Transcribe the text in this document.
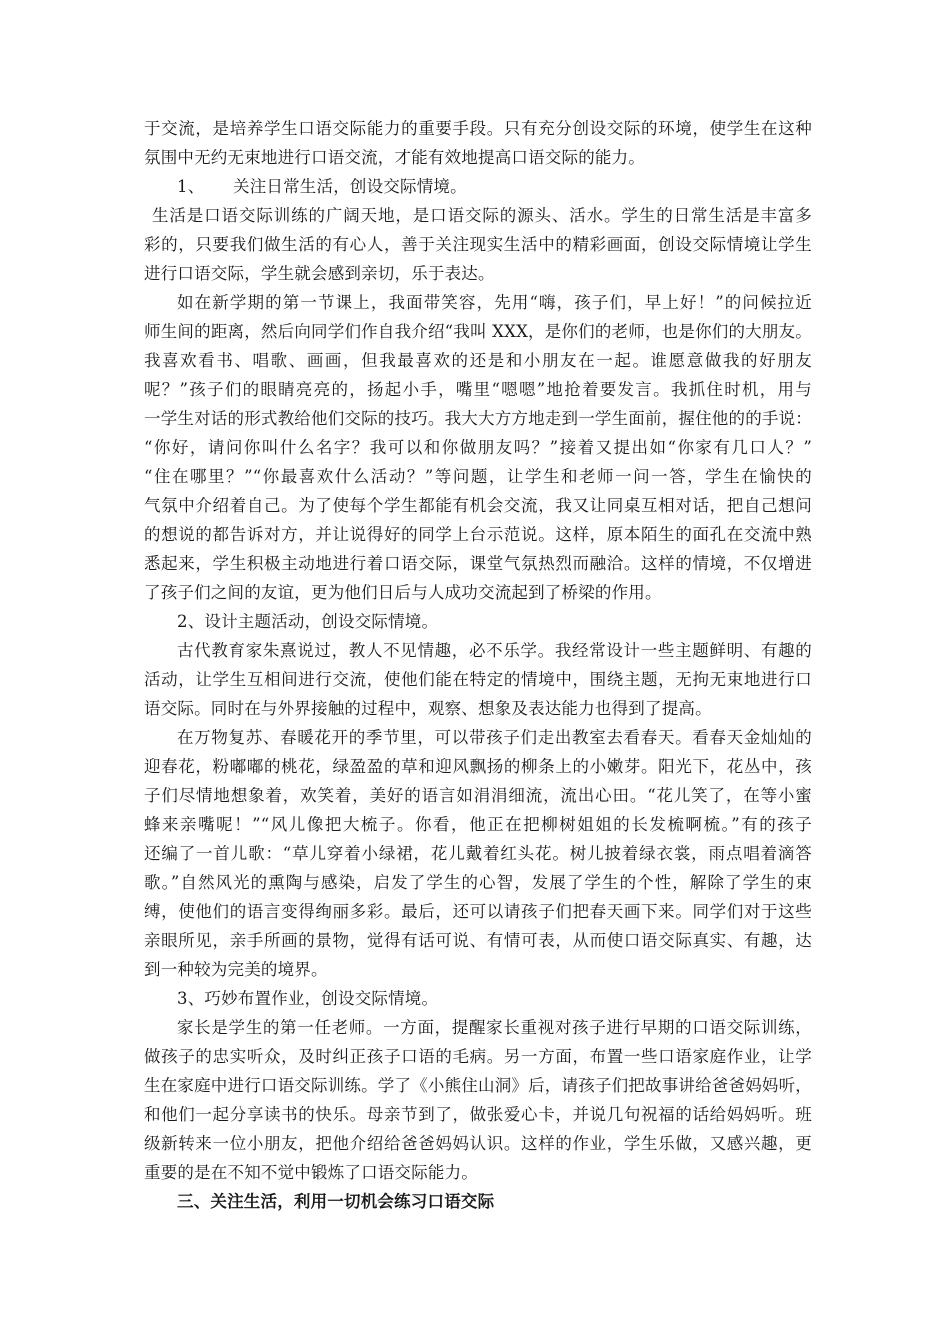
于交流，是培养学生口语交际能力的重要手段。只有充分创设交际的环境，使学生在这种
氛围中无约无束地进行口语交流，才能有效地提高口语交际的能力。
1、 关注日常生活，创设交际情境。
生活是口语交际训练的广阔天地，是口语交际的源头、活水。学生的日常生活是丰富多
彩的，只要我们做生活的有心人，善于关注现实生活中的精彩画面，创设交际情境让学生
进行口语交际，学生就会感到亲切，乐于表达。
如在新学期的第一节课上，我面带笑容，先用“嗨，孩子们，早上好！”的问候拉近
师生间的距离，然后向同学们作自我介绍“我叫 XXX，是你们的老师，也是你们的大朋友。
我喜欢看书、唱歌、画画，但我最喜欢的还是和小朋友在一起。谁愿意做我的好朋友
呢？”孩子们的眼睛亮亮的，扬起小手，嘴里“嗯嗯”地抢着要发言。我抓住时机，用与
一学生对话的形式教给他们交际的技巧。我大大方方地走到一学生面前，握住他的的手说：
“你好，请问你叫什么名字？我可以和你做朋友吗？”接着又提出如“你家有几口人？”
“住在哪里？”“你最喜欢什么活动？”等问题，让学生和老师一问一答，学生在愉快的
气氛中介绍着自己。为了使每个学生都能有机会交流，我又让同桌互相对话，把自己想问
的想说的都告诉对方，并让说得好的同学上台示范说。这样，原本陌生的面孔在交流中熟
悉起来，学生积极主动地进行着口语交际，课堂气氛热烈而融洽。这样的情境，不仅增进
了孩子们之间的友谊，更为他们日后与人成功交流起到了桥梁的作用。
2、设计主题活动，创设交际情境。
古代教育家朱熹说过，教人不见情趣，必不乐学。我经常设计一些主题鲜明、有趣的
活动，让学生互相间进行交流，使他们能在特定的情境中，围绕主题，无拘无束地进行口
语交际。同时在与外界接触的过程中，观察、想象及表达能力也得到了提高。
在万物复苏、春暖花开的季节里，可以带孩子们走出教室去看春天。看春天金灿灿的
迎春花，粉嘟嘟的桃花，绿盈盈的草和迎风飘扬的柳条上的小嫩芽。阳光下，花丛中，孩
子们尽情地想象着，欢笑着，美好的语言如涓涓细流，流出心田。“花儿笑了，在等小蜜
蜂来亲嘴呢！”“风儿像把大梳子。你看，他正在把柳树姐姐的长发梳啊梳。”有的孩子
还编了一首儿歌：“草儿穿着小绿裙，花儿戴着红头花。树儿披着绿衣裳，雨点唱着滴答
歌。”自然风光的熏陶与感染，启发了学生的心智，发展了学生的个性，解除了学生的束
缚，使他们的语言变得绚丽多彩。最后，还可以请孩子们把春天画下来。同学们对于这些
亲眼所见，亲手所画的景物，觉得有话可说、有情可表，从而使口语交际真实、有趣，达
到一种较为完美的境界。
3、巧妙布置作业，创设交际情境。
家长是学生的第一任老师。一方面，提醒家长重视对孩子进行早期的口语交际训练，
做孩子的忠实听众，及时纠正孩子口语的毛病。另一方面，布置一些口语家庭作业，让学
生在家庭中进行口语交际训练。学了《小熊住山洞》后，请孩子们把故事讲给爸爸妈妈听，
和他们一起分享读书的快乐。母亲节到了，做张爱心卡，并说几句祝福的话给妈妈听。班
级新转来一位小朋友，把他介绍给爸爸妈妈认识。这样的作业，学生乐做，又感兴趣，更
重要的是在不知不觉中锻炼了口语交际能力。
三、关注生活，利用一切机会练习口语交际
